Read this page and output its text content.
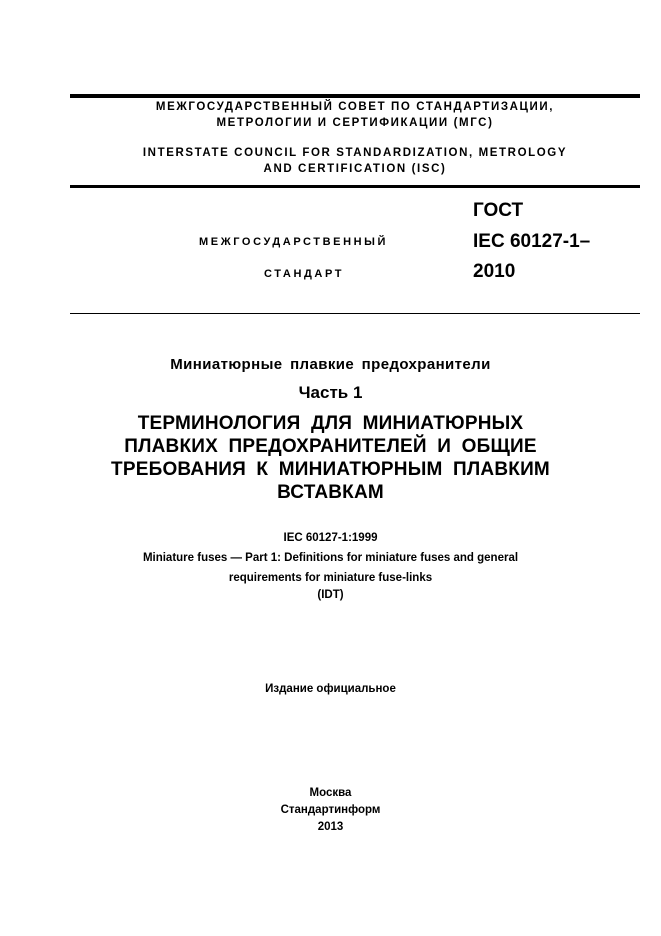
МЕЖГОСУДАРСТВЕННЫЙ СОВЕТ ПО СТАНДАРТИЗАЦИИ,
МЕТРОЛОГИИ И СЕРТИФИКАЦИИ (МГС)
INTERSTATE COUNCIL FOR STANDARDIZATION, METROLOGY
AND CERTIFICATION (ISC)
МЕЖГОСУДАРСТВЕННЫЙ
СТАНДАРТ
ГОСТ
IEC 60127-1–
2010
Миниатюрные плавкие предохранители
Часть 1
ТЕРМИНОЛОГИЯ ДЛЯ МИНИАТЮРНЫХ
ПЛАВКИХ ПРЕДОХРАНИТЕЛЕЙ И ОБЩИЕ
ТРЕБОВАНИЯ К МИНИАТЮРНЫМ ПЛАВКИМ
ВСТАВКАМ
IEC 60127-1:1999
Miniature fuses — Part 1: Definitions for miniature fuses and general
requirements for miniature fuse-links
(IDT)
Издание официальное
Москва
Стандартинформ
2013
